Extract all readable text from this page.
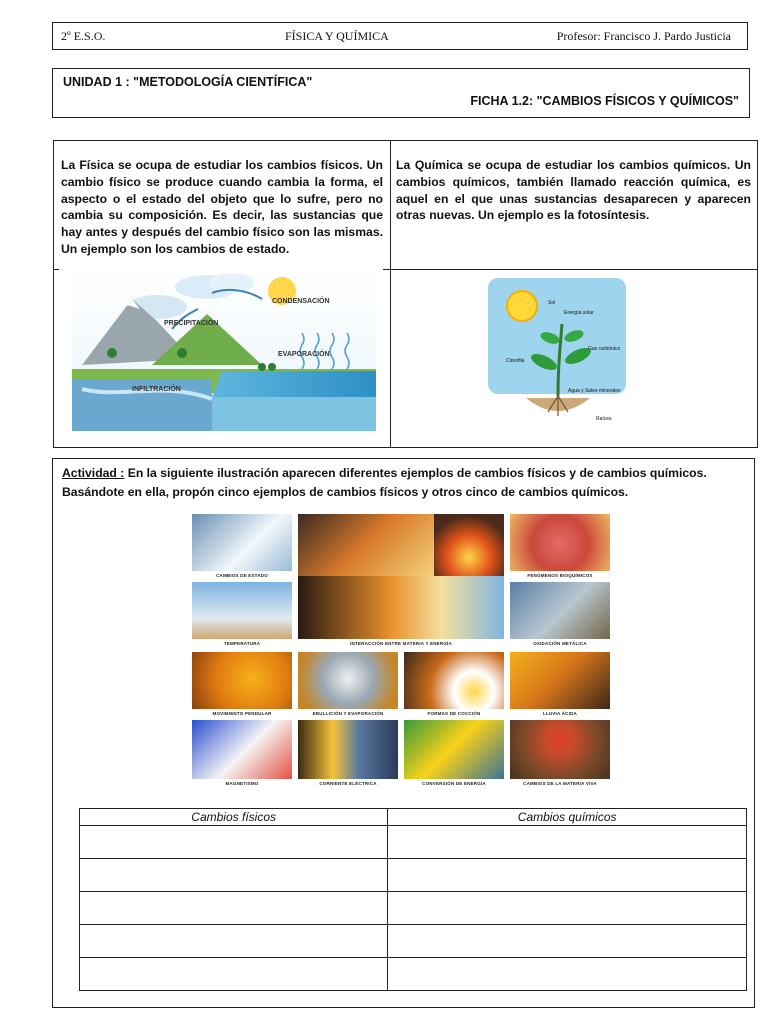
2º E.S.O.	FÍSICA Y QUÍMICA	Profesor: Francisco J. Pardo Justicia
UNIDAD 1 : "METODOLOGÍA CIENTÍFICA"
FICHA 1.2: "CAMBIOS FÍSICOS Y QUÍMICOS"
La Física se ocupa de estudiar los cambios físicos. Un cambio físico se produce cuando cambia la forma, el aspecto o el estado del objeto que lo sufre, pero no cambia su composición. Es decir, las sustancias que hay antes y después del cambio físico son las mismas. Un ejemplo son los cambios de estado.
La Química se ocupa de estudiar los cambios químicos. Un cambios químicos, también llamado reacción química, es aquel en el que unas sustancias desaparecen y aparecen otras nuevas. Un ejemplo es la fotosíntesis.
CONDENSACIÓN
PRECIPITACIÓN
EVAPORACIÓN
INFILTRACIÓN
Sol
Energía solar
Clorofila
Gas carbónico
Agua y Sales minerales
Raíces
Actividad : En la siguiente ilustración aparecen diferentes ejemplos de cambios físicos y de cambios químicos. Basándote en ella, propón cinco ejemplos de cambios físicos y otros cinco de cambios químicos.
CAMBIOS DE ESTADO	FENÓMENOS BIOQUÍMICOS
TEMPERATURA	INTERACCIÓN ENTRE MATERIA Y ENERGÍA	OXIDACIÓN METÁLICA
MOVIMIENTO PENDULAR	EBULLICIÓN Y EVAPORACIÓN	FORMAS DE COCCIÓN	LLUVIA ÁCIDA
MAGNETISMO	CORRIENTE ELÉCTRICA	CONVERSIÓN DE ENERGÍA	CAMBIOS DE LA MATERIA VIVA
Cambios físicos	Cambios químicos
